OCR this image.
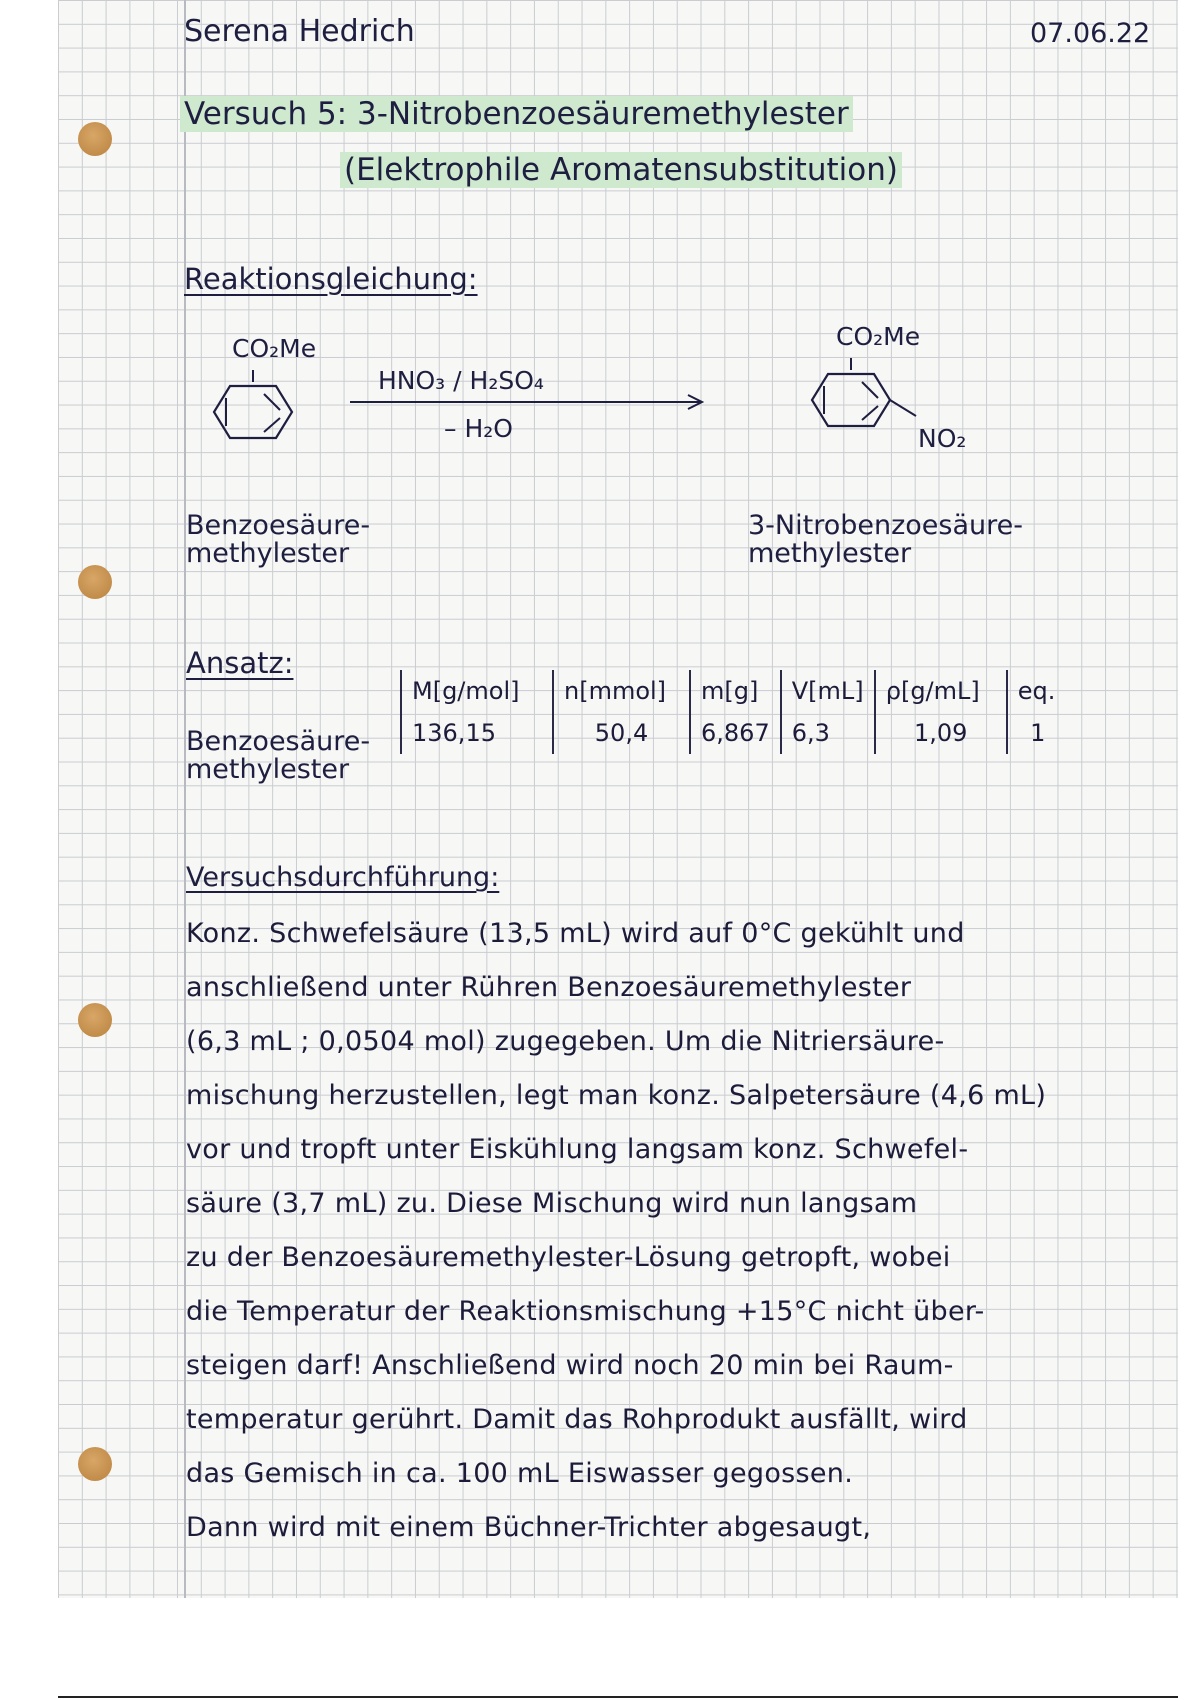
Serena Hedrich	07.06.22
Versuch 5: 3-Nitrobenzoesäuremethylester
(Elektrophile Aromatensubstitution)
Reaktionsgleichung:
CO₂Me
HNO₃ / H₂SO₄
– H₂O
CO₂Me
NO₂
Benzoesäure-
methylester
3-Nitrobenzoesäure-
methylester
Ansatz:
Benzoesäure-
methylester
M[g/mol]	n[mmol]	m[g]	V[mL]	ρ[g/mL]	eq.
136,15	50,4	6,867	6,3	1,09	1
Versuchsdurchführung:
Konz. Schwefelsäure (13,5 mL) wird auf 0°C gekühlt und
anschließend unter Rühren Benzoesäuremethylester
(6,3 mL ; 0,0504 mol) zugegeben. Um die Nitriersäure-
mischung herzustellen, legt man konz. Salpetersäure (4,6 mL)
vor und tropft unter Eiskühlung langsam konz. Schwefel-
säure (3,7 mL) zu. Diese Mischung wird nun langsam
zu der Benzoesäuremethylester-Lösung getropft, wobei
die Temperatur der Reaktionsmischung +15°C nicht über-
steigen darf! Anschließend wird noch 20 min bei Raum-
temperatur gerührt. Damit das Rohprodukt ausfällt, wird
das Gemisch in ca. 100 mL Eiswasser gegossen.
Dann wird mit einem Büchner-Trichter abgesaugt,
